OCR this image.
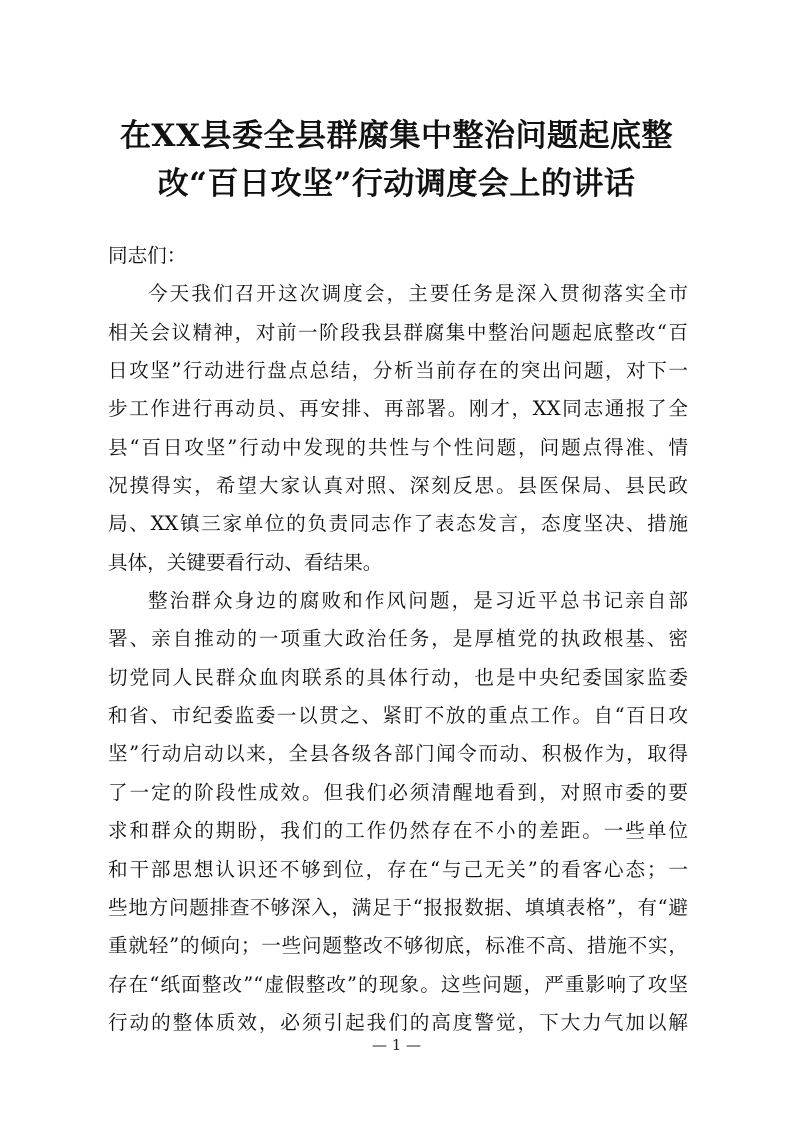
在XX县委全县群腐集中整治问题起底整
改“百日攻坚”行动调度会上的讲话

同志们：

今天我们召开这次调度会，主要任务是深入贯彻落实全市
相关会议精神，对前一阶段我县群腐集中整治问题起底整改“百
日攻坚”行动进行盘点总结，分析当前存在的突出问题，对下一
步工作进行再动员、再安排、再部署。刚才，XX同志通报了全
县“百日攻坚”行动中发现的共性与个性问题，问题点得准、情
况摸得实，希望大家认真对照、深刻反思。县医保局、县民政
局、XX镇三家单位的负责同志作了表态发言，态度坚决、措施
具体，关键要看行动、看结果。

整治群众身边的腐败和作风问题，是习近平总书记亲自部
署、亲自推动的一项重大政治任务，是厚植党的执政根基、密
切党同人民群众血肉联系的具体行动，也是中央纪委国家监委
和省、市纪委监委一以贯之、紧盯不放的重点工作。自“百日攻
坚”行动启动以来，全县各级各部门闻令而动、积极作为，取得
了一定的阶段性成效。但我们必须清醒地看到，对照市委的要
求和群众的期盼，我们的工作仍然存在不小的差距。一些单位
和干部思想认识还不够到位，存在“与己无关”的看客心态；一
些地方问题排查不够深入，满足于“报报数据、填填表格”，有“避
重就轻”的倾向；一些问题整改不够彻底，标准不高、措施不实，
存在“纸面整改”“虚假整改”的现象。这些问题，严重影响了攻坚
行动的整体质效，必须引起我们的高度警觉，下大力气加以解

— 1 —
